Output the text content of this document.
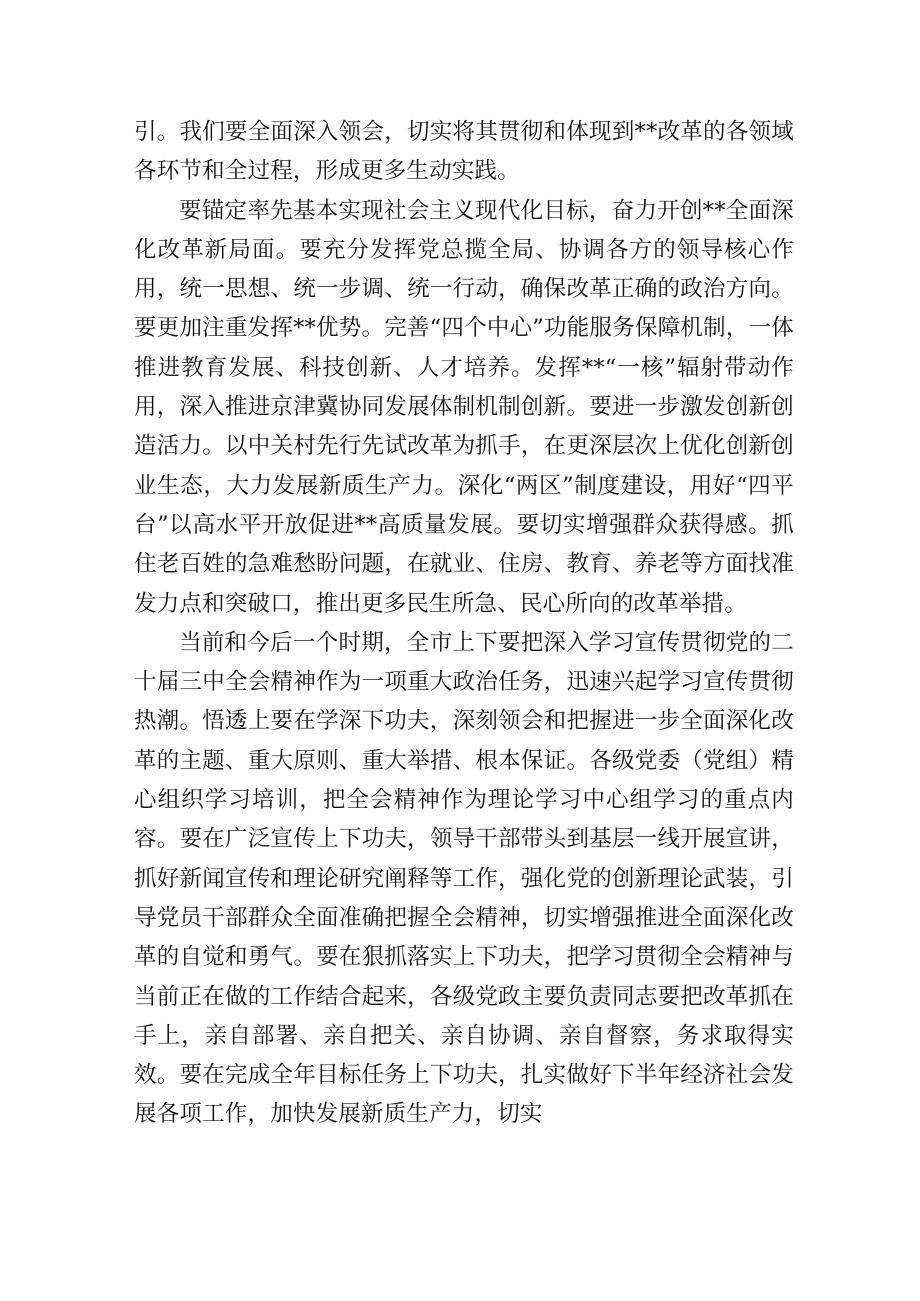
引。我们要全面深入领会，切实将其贯彻和体现到**改革的各领域各环节和全过程，形成更多生动实践。

要锚定率先基本实现社会主义现代化目标，奋力开创**全面深化改革新局面。要充分发挥党总揽全局、协调各方的领导核心作用，统一思想、统一步调、统一行动，确保改革正确的政治方向。要更加注重发挥**优势。完善“四个中心”功能服务保障机制，一体推进教育发展、科技创新、人才培养。发挥**“一核”辐射带动作用，深入推进京津冀协同发展体制机制创新。要进一步激发创新创造活力。以中关村先行先试改革为抓手，在更深层次上优化创新创业生态，大力发展新质生产力。深化“两区”制度建设，用好“四平台”以高水平开放促进**高质量发展。要切实增强群众获得感。抓住老百姓的急难愁盼问题，在就业、住房、教育、养老等方面找准发力点和突破口，推出更多民生所急、民心所向的改革举措。

当前和今后一个时期，全市上下要把深入学习宣传贯彻党的二十届三中全会精神作为一项重大政治任务，迅速兴起学习宣传贯彻热潮。悟透上要在学深下功夫，深刻领会和把握进一步全面深化改革的主题、重大原则、重大举措、根本保证。各级党委（党组）精心组织学习培训，把全会精神作为理论学习中心组学习的重点内容。要在广泛宣传上下功夫，领导干部带头到基层一线开展宣讲，抓好新闻宣传和理论研究阐释等工作，强化党的创新理论武装，引导党员干部群众全面准确把握全会精神，切实增强推进全面深化改革的自觉和勇气。要在狠抓落实上下功夫，把学习贯彻全会精神与当前正在做的工作结合起来，各级党政主要负责同志要把改革抓在手上，亲自部署、亲自把关、亲自协调、亲自督察，务求取得实效。要在完成全年目标任务上下功夫，扎实做好下半年经济社会发展各项工作，加快发展新质生产力，切实
